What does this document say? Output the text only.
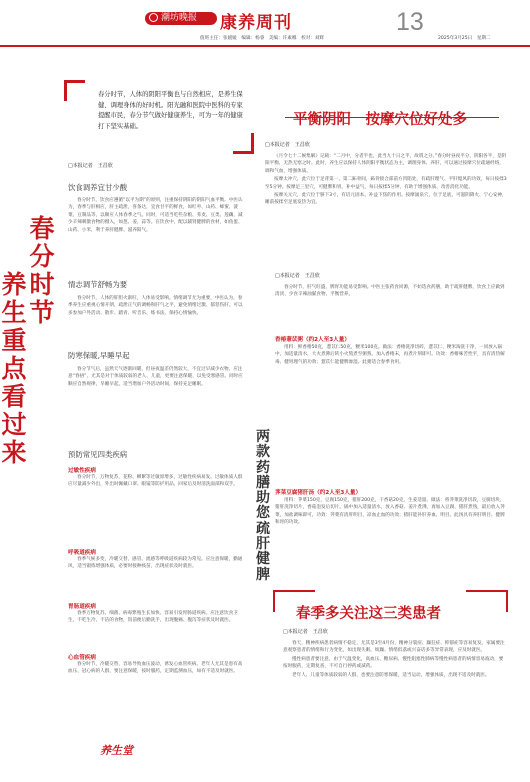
潮坊晚报	康养周刊	13
值班主任：张媛媛　编辑：杨睿　美编：许素娜　校对：刘辉	2025年3月25日　星期二
春分时节，人体的阴阳平衡也与自然相应，是养生保健、调理身体的好时机。阳光融和医院中医科的专家提醒市民，春分节气做好健康养生，可为一年的健康打下坚实基础。
春分时节
养生重点看过来
□本报记者　王昌欣
饮食调养宜甘少酸

春分时节，饮食应遵循“以平为期”的原则，注重保持阴阳的阴阳气血平衡。中医认为，春季与肝相应，肝主疏泄，喜条达，宜食甘平的鲜食，如红枣、山药、蜂蜜、菠菜、豆制品等，以顺应人体春季之气。同时，可适当吃些杂粮、荞麦、豆类、莲藕，减少辛辣刺激食物的摄入，如葱、姜、蒜等。在饮食中，配以辅肾健脾的食材，如鱼蛋、山药、小米，利于养肝健脾、滋养阳气。

情志调节舒畅为要

春分时节，人体的肝胆火渐旺，人体易受影响。情绪调节尤为重要，中医认为，春季养生应重视心情开朗，疏泄正气的调畅和肝气之平，避免情绪过激、郁怒伤肝。可以多参加户外活动、散步、踏青、听音乐、练书法，保持心情愉快。

防寒保暖,早睡早起

春分节气后，虽然天气逐渐回暖，但昼夜温差仍然较大，不宜过早减少衣物。应注意“春捂”，尤其是对于体质较弱的老人、儿童，更要注意保暖，以免受寒感冒。同时应顺应自然规律，早睡早起，适当增加户外活动时间，保持充足睡眠。

预防常见四类疾病
过敏性疾病

春分时节，万物复苏，花粉、柳絮等过敏原增多，过敏性疾病易发。过敏体质人群应尽量减少外出，外出时佩戴口罩、眼镜等防护用品，回家后及时清洗面部和双手。

呼吸道疾病

春季气候多变，冷暖交替，感冒、流感等呼吸道疾病较为常见。应注意保暖，勤通风，适当锻炼增强体质，必要时接种疫苗，出现症状及时就医。

胃肠道疾病

春季万物复苏，细菌、病毒繁殖生长加快，容易引发胃肠道疾病。应注意饮食卫生，不吃生冷、不洁的食物，饭前便后勤洗手，出现腹痛、腹泻等症状及时就医。

心血管疾病

春分时节，冷暖交替，容易导致血压波动，诱发心血管疾病。老年人尤其是患有高血压、冠心病的人群，要注意保暖，按时服药，定期监测血压，如有不适及时就医。

平衡阴阳　按摩穴位好处多
□本报记者　王昌欣

《月令七十二候集解》记载：“二月中，分者半也，此当九十日之半，故谓之分。”春分时昼夜平分，阴阳各半，是阴阳平衡、无热无寒之时。此时，养生应以保持人体阴阳平衡状态为主，调理身体、养肝，可以通过按摩穴位疏通经络，调和气血，增强体质。

按摩太冲穴，此穴位于足背第一、第二跖骨间，跖骨接合部前方凹陷处，有疏肝理气、平肝熄风的功效，每日按揉3至5分钟。按摩足三里穴，可健脾和胃、补中益气，每日按揉5分钟，有助于增强体质、改善消化功能。

按摩关元穴，此穴位于脐下3寸，有培元固本、补益下焦的作用。按摩涌泉穴，位于足底，可滋阴降火、宁心安神，睡前按揉至足底发热为宜。

两款药膳助您疏肝健脾
□本报记者　王昌欣

春分时节，肝气旺盛，脾胃功能易受影响。中医主张药食同源，不妨选食药膳，助于疏肝健脾，饮食上应做到清淡、少食辛辣油腻食物，平衡营养。

香椿薏苡粥（约2人至3人量）

用料：鲜香椿50克，薏苡仁50克，粳米100克。做法：香椿洗净切碎，薏苡仁、粳米淘洗干净，一同放入锅中，加适量清水，大火煮沸后转小火熬煮至粥熟，加入香椿末，再煮片刻即可。功效：香椿味苦性平，具有清热解毒、健胃理气的功效；薏苡仁能健脾渗湿。此粥适合春季食用。

荠菜豆腐猪肝汤（约2人至3人量）

用料：荠菜150克，豆腐150克，猪肝200克，干香菇20克，生姜适量。做法：将荠菜洗净切段，豆腐切块，猪肝洗净切片，香菇泡发后切片。锅中加入适量清水，放入香菇、姜片煮沸，再加入豆腐、猪肝煮熟，最后放入荠菜，加盐调味即可。功效：荠菜有清肝明目、凉血止血的功效；猪肝能补肝养血、明目。此汤具有养肝明目、健脾和胃的功效。

春季多关注这三类患者
□本报记者　王昌欣

春天，精神疾病患者病情不稳定，尤其是3至4月份，精神分裂症、躁狂症、抑郁症等容易复发。家属要注意观察患者的情绪和行为变化，如出现失眠、烦躁、情绪低落或兴奋话多等异常表现，应及时就医。

慢性病患者要注意，由于气温变化，高血压、糖尿病、慢性阻塞性肺病等慢性病患者的病情容易波动，要按时服药，定期复查，不可自行停药或减药。

老年人、儿童等体质较弱的人群，也要注意防寒保暖，适当运动，增强体质，出现不适及时就医。

养生堂
